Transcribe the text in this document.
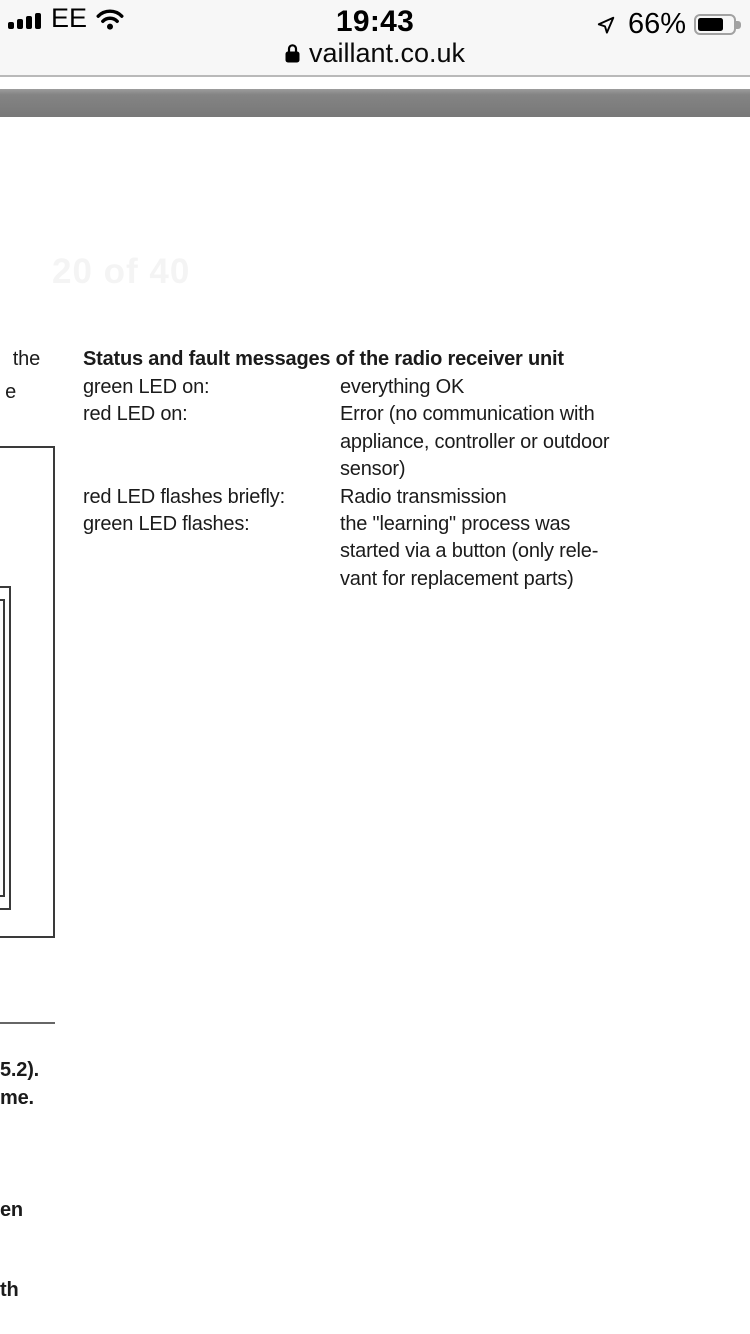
EE	19:43	66%
vaillant.co.uk
20 of 40
the
e
Status and fault messages of the radio receiver unit
green LED on:	everything OK
red LED on:	Error (no communication with
appliance, controller or outdoor
sensor)
red LED flashes briefly:	Radio transmission
green LED flashes:	the "learning" process was
started via a button (only rele-
vant for replacement parts)
5.2).
me.
en
th
